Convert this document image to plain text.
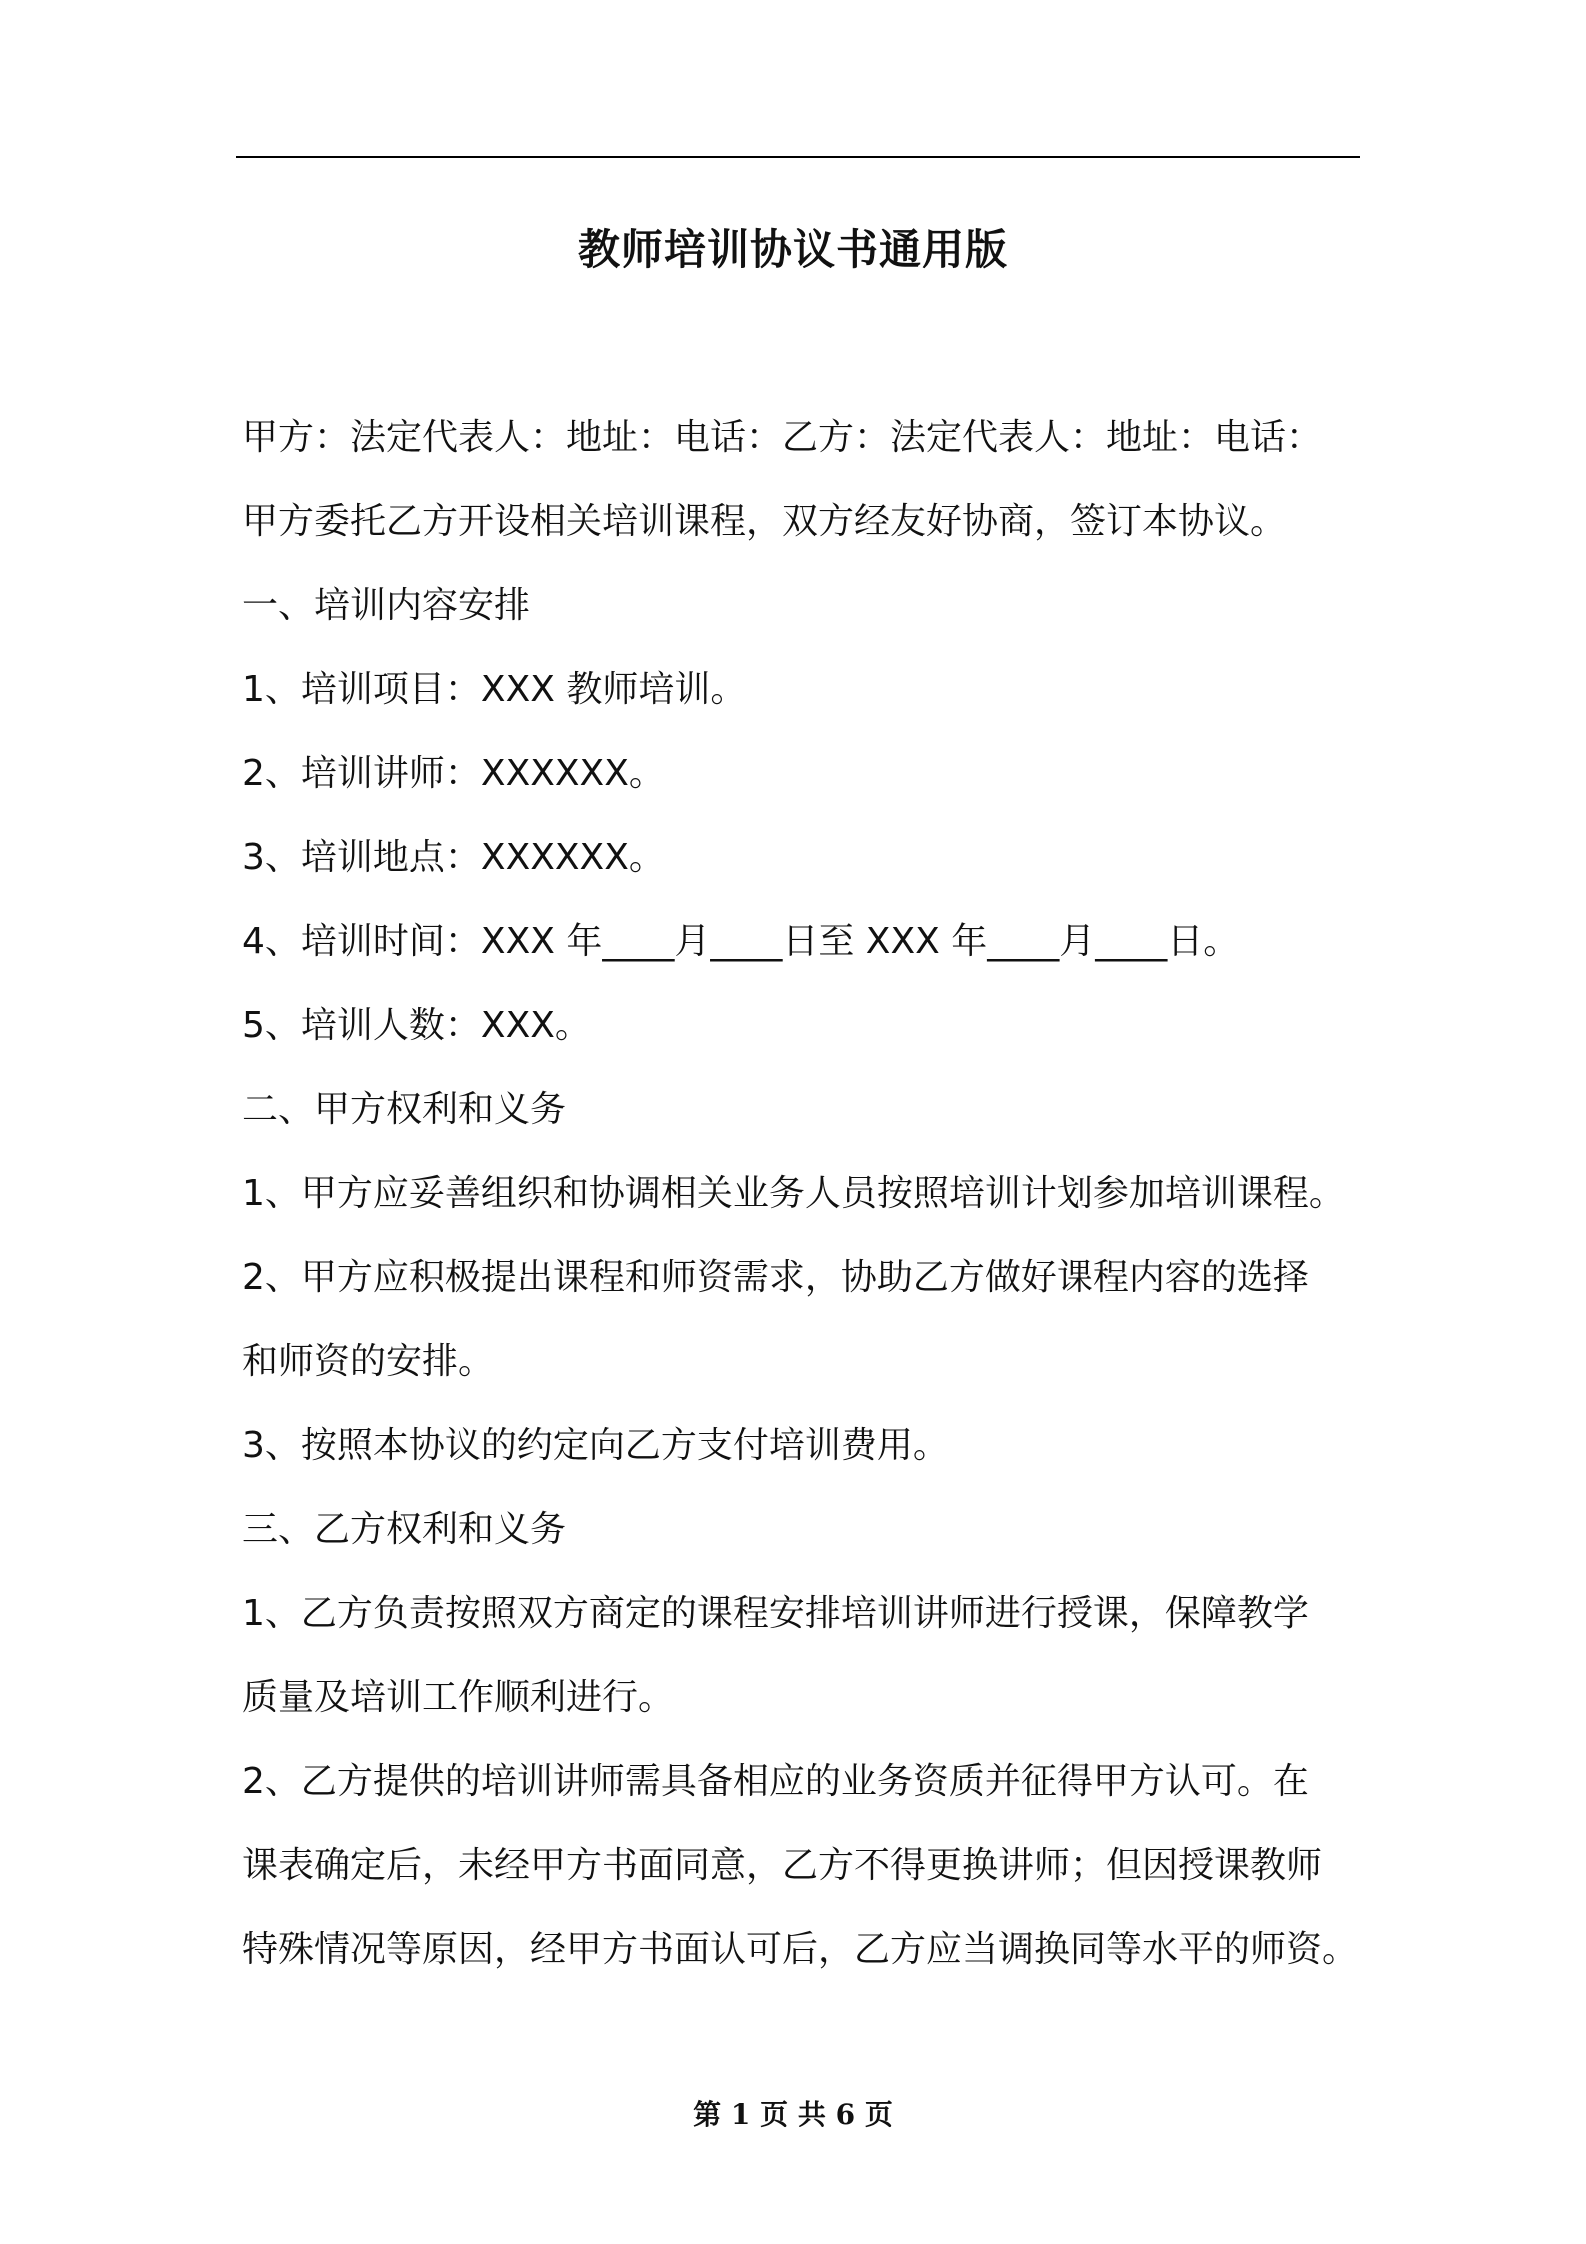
教师培训协议书通用版
甲方：法定代表人：地址：电话：乙方：法定代表人：地址：电话：
甲方委托乙方开设相关培训课程，双方经友好协商，签订本协议。
一、培训内容安排
1、培训项目：XXX 教师培训。
2、培训讲师：XXXXXX。
3、培训地点：XXXXXX。
4、培训时间：XXX 年____月____日至 XXX 年____月____日。
5、培训人数：XXX。
二、甲方权利和义务
1、甲方应妥善组织和协调相关业务人员按照培训计划参加培训课程。
2、甲方应积极提出课程和师资需求，协助乙方做好课程内容的选择
和师资的安排。
3、按照本协议的约定向乙方支付培训费用。
三、乙方权利和义务
1、乙方负责按照双方商定的课程安排培训讲师进行授课，保障教学
质量及培训工作顺利进行。
2、乙方提供的培训讲师需具备相应的业务资质并征得甲方认可。在
课表确定后，未经甲方书面同意，乙方不得更换讲师；但因授课教师
特殊情况等原因，经甲方书面认可后，乙方应当调换同等水平的师资。
第 1 页 共 6 页
